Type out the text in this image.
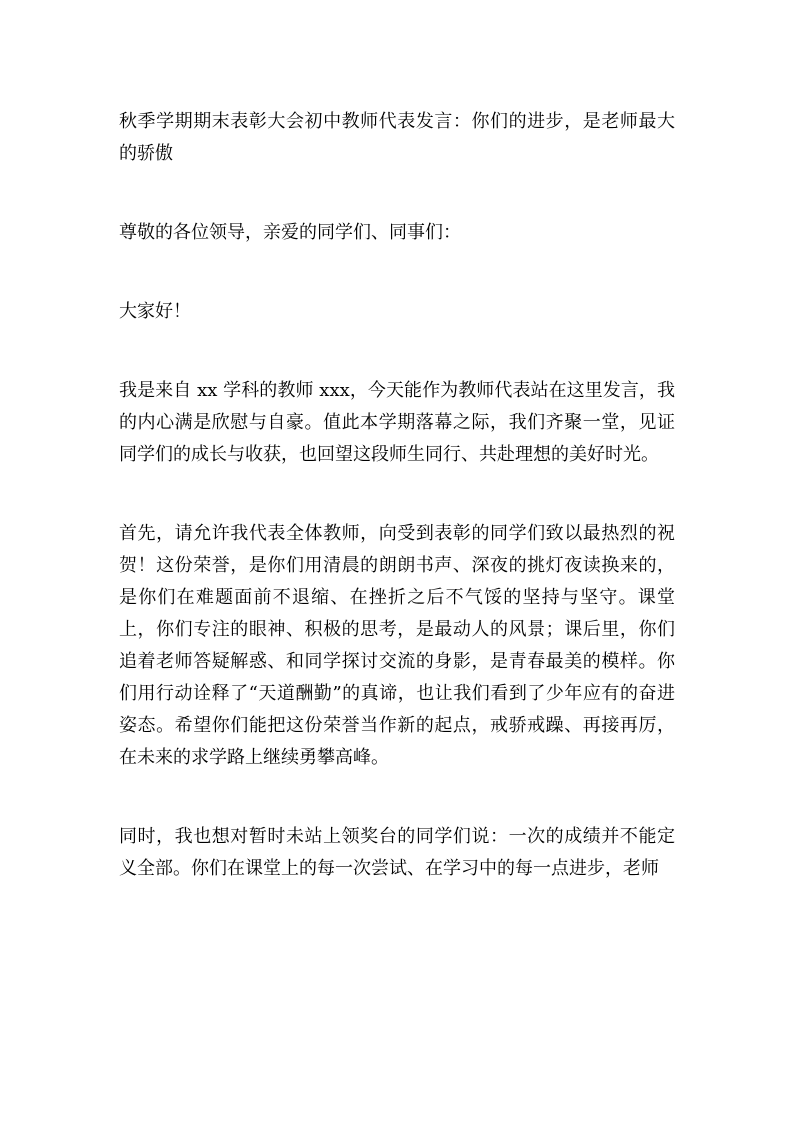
秋季学期期末表彰大会初中教师代表发言：你们的进步，是老师最大的骄傲

尊敬的各位领导，亲爱的同学们、同事们：

大家好！

我是来自 xx 学科的教师 xxx，今天能作为教师代表站在这里发言，我的内心满是欣慰与自豪。值此本学期落幕之际，我们齐聚一堂，见证同学们的成长与收获，也回望这段师生同行、共赴理想的美好时光。

首先，请允许我代表全体教师，向受到表彰的同学们致以最热烈的祝贺！这份荣誉，是你们用清晨的朗朗书声、深夜的挑灯夜读换来的，是你们在难题面前不退缩、在挫折之后不气馁的坚持与坚守。课堂上，你们专注的眼神、积极的思考，是最动人的风景；课后里，你们追着老师答疑解惑、和同学探讨交流的身影，是青春最美的模样。你们用行动诠释了“天道酬勤”的真谛，也让我们看到了少年应有的奋进姿态。希望你们能把这份荣誉当作新的起点，戒骄戒躁、再接再厉，在未来的求学路上继续勇攀高峰。

同时，我也想对暂时未站上领奖台的同学们说：一次的成绩并不能定义全部。你们在课堂上的每一次尝试、在学习中的每一点进步，老师
